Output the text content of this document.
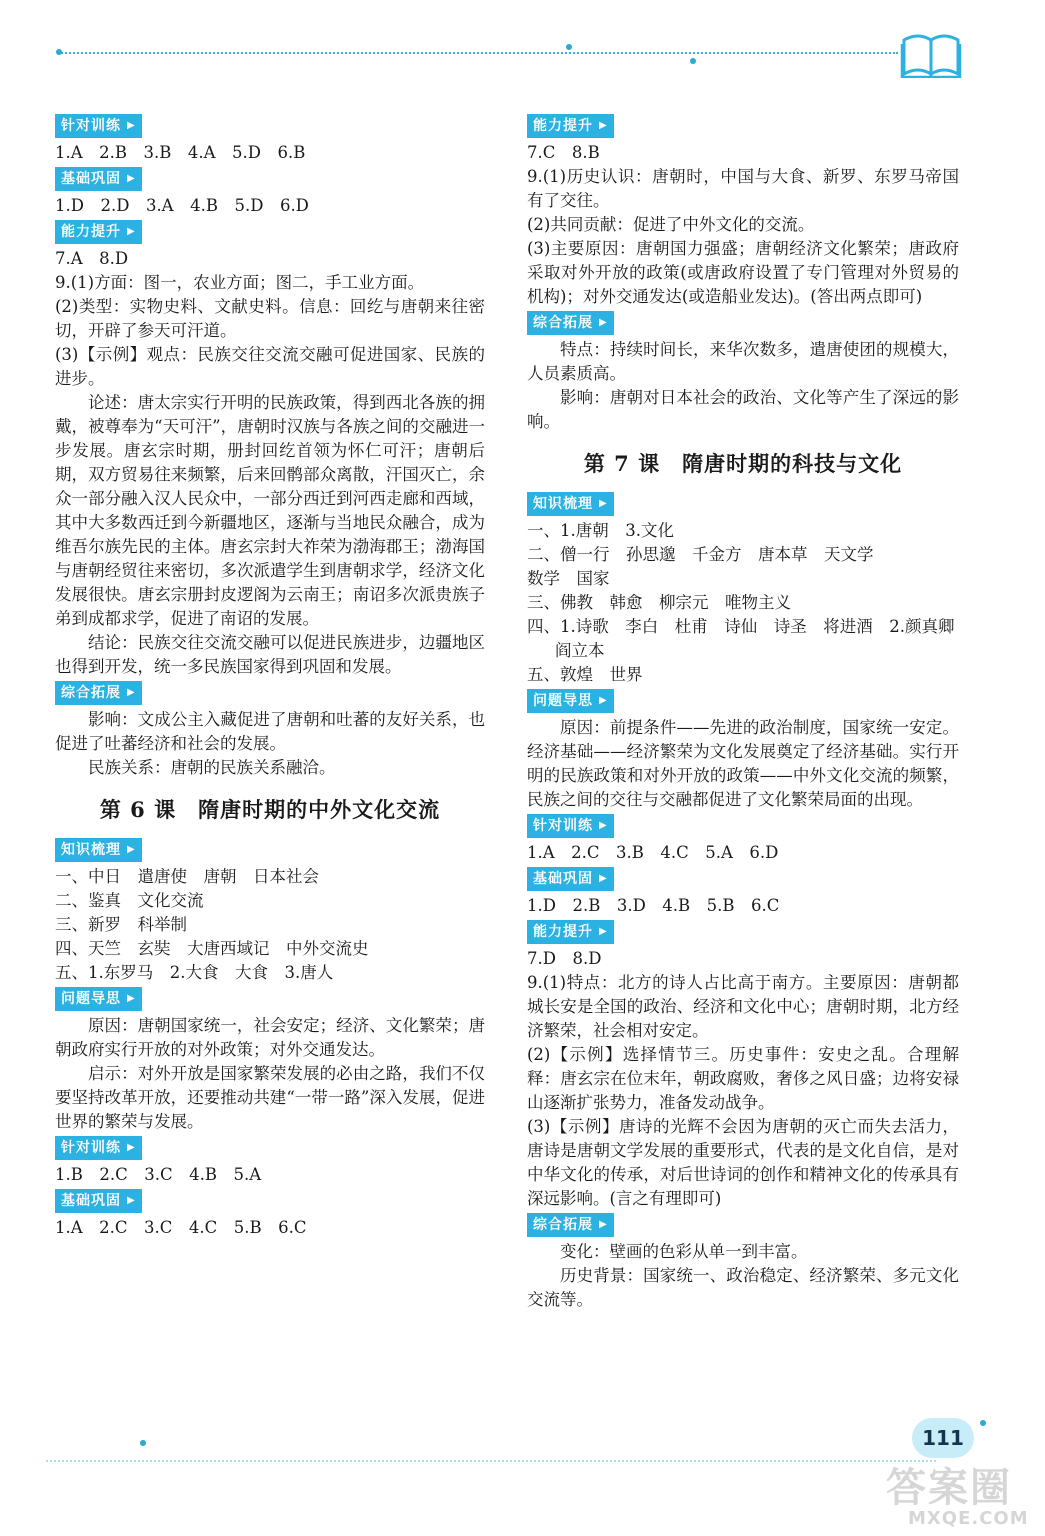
针对训练 ▶

1.A　2.B　3.B　4.A　5.D　6.B

基础巩固 ▶

1.D　2.D　3.A　4.B　5.D　6.D

能力提升 ▶

7.A　8.D

9.(1)方面：图一，农业方面；图二，手工业方面。

(2)类型：实物史料、文献史料。信息：回纥与唐朝来往密切，开辟了参天可汗道。

(3)【示例】观点：民族交往交流交融可促进国家、民族的进步。

论述：唐太宗实行开明的民族政策，得到西北各族的拥戴，被尊奉为“天可汗”，唐朝时汉族与各族之间的交融进一步发展。唐玄宗时期，册封回纥首领为怀仁可汗；唐朝后期，双方贸易往来频繁，后来回鹘部众离散，汗国灭亡，余众一部分融入汉人民众中，一部分西迁到河西走廊和西域，其中大多数西迁到今新疆地区，逐渐与当地民众融合，成为维吾尔族先民的主体。唐玄宗封大祚荣为渤海郡王；渤海国与唐朝经贸往来密切，多次派遣学生到唐朝求学，经济文化发展很快。唐玄宗册封皮逻阁为云南王；南诏多次派贵族子弟到成都求学，促进了南诏的发展。

结论：民族交往交流交融可以促进民族进步，边疆地区也得到开发，统一多民族国家得到巩固和发展。

综合拓展 ▶

影响：文成公主入藏促进了唐朝和吐蕃的友好关系，也促进了吐蕃经济和社会的发展。

民族关系：唐朝的民族关系融洽。

第 6 课　隋唐时期的中外文化交流
知识梳理 ▶

一、中日　遣唐使　唐朝　日本社会

二、鉴真　文化交流

三、新罗　科举制

四、天竺　玄奘　大唐西域记　中外交流史

五、1.东罗马　2.大食　大食　3.唐人

问题导思 ▶

原因：唐朝国家统一，社会安定；经济、文化繁荣；唐朝政府实行开放的对外政策；对外交通发达。

启示：对外开放是国家繁荣发展的必由之路，我们不仅要坚持改革开放，还要推动共建“一带一路”深入发展，促进世界的繁荣与发展。

针对训练 ▶

1.B　2.C　3.C　4.B　5.A

基础巩固 ▶

1.A　2.C　3.C　4.C　5.B　6.C

能力提升 ▶

7.C　8.B

9.(1)历史认识：唐朝时，中国与大食、新罗、东罗马帝国有了交往。

(2)共同贡献：促进了中外文化的交流。

(3)主要原因：唐朝国力强盛；唐朝经济文化繁荣；唐政府采取对外开放的政策(或唐政府设置了专门管理对外贸易的机构)；对外交通发达(或造船业发达)。(答出两点即可)

综合拓展 ▶

特点：持续时间长，来华次数多，遣唐使团的规模大，人员素质高。

影响：唐朝对日本社会的政治、文化等产生了深远的影响。

第 7 课　隋唐时期的科技与文化
知识梳理 ▶

一、1.唐朝　3.文化

二、僧一行　孙思邈　千金方　唐本草　天文学

数学　国家

三、佛教　韩愈　柳宗元　唯物主义

四、1.诗歌　李白　杜甫　诗仙　诗圣　将进酒　2.颜真卿　阎立本

五、敦煌　世界

问题导思 ▶

原因：前提条件——先进的政治制度，国家统一安定。经济基础——经济繁荣为文化发展奠定了经济基础。实行开明的民族政策和对外开放的政策——中外文化交流的频繁，民族之间的交往与交融都促进了文化繁荣局面的出现。

针对训练 ▶

1.A　2.C　3.B　4.C　5.A　6.D

基础巩固 ▶

1.D　2.B　3.D　4.B　5.B　6.C

能力提升 ▶

7.D　8.D

9.(1)特点：北方的诗人占比高于南方。主要原因：唐朝都城长安是全国的政治、经济和文化中心；唐朝时期，北方经济繁荣，社会相对安定。

(2)【示例】选择情节三。历史事件：安史之乱。合理解释：唐玄宗在位末年，朝政腐败，奢侈之风日盛；边将安禄山逐渐扩张势力，准备发动战争。

(3)【示例】唐诗的光辉不会因为唐朝的灭亡而失去活力，唐诗是唐朝文学发展的重要形式，代表的是文化自信，是对中华文化的传承，对后世诗词的创作和精神文化的传承具有深远影响。(言之有理即可)

综合拓展 ▶

变化：壁画的色彩从单一到丰富。

历史背景：国家统一、政治稳定、经济繁荣、多元文化交流等。

111
答案圈
MXQE.COM
